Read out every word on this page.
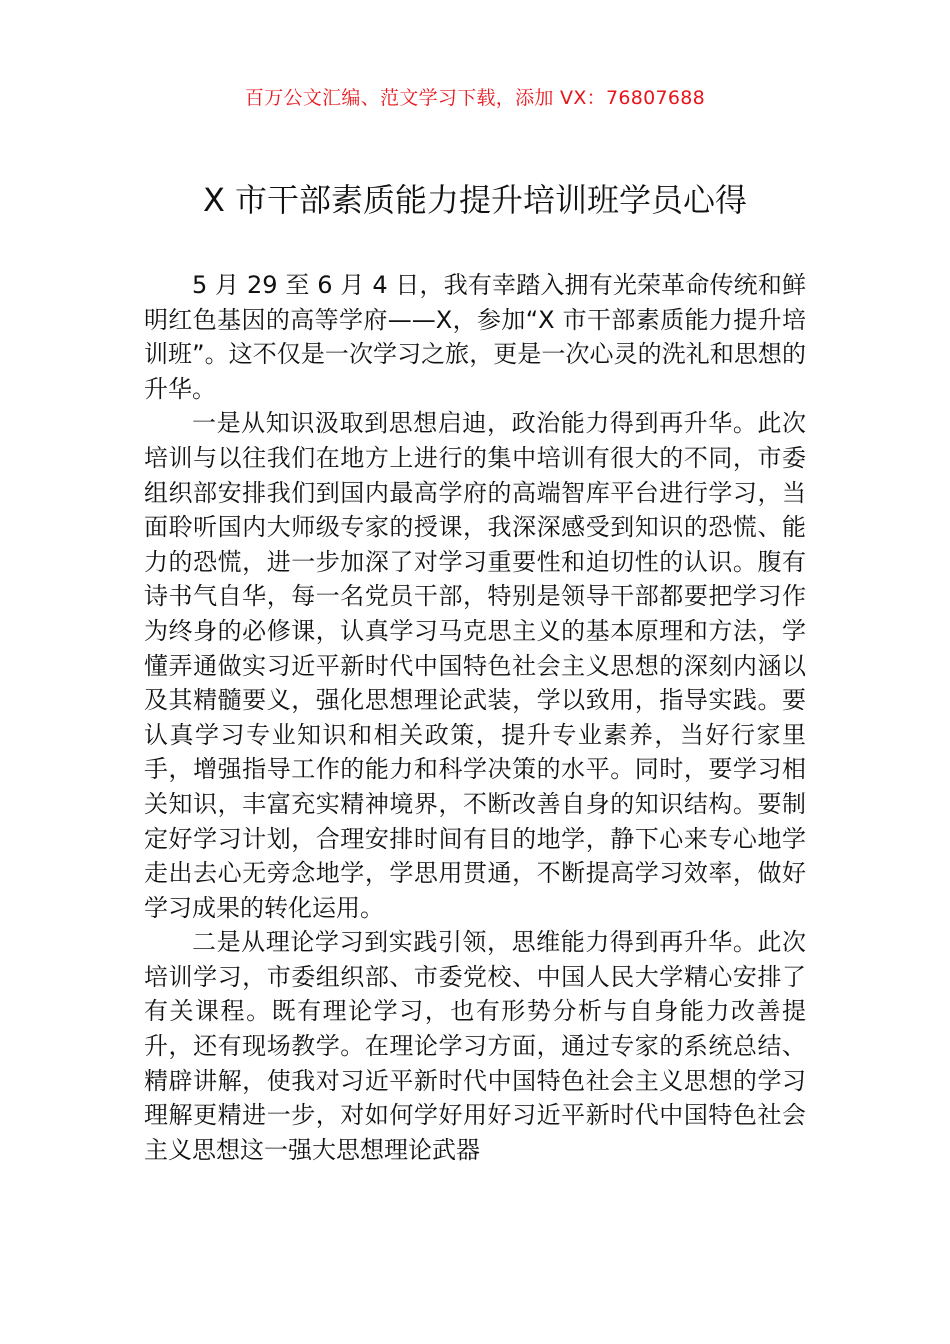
百万公文汇编、范文学习下载，添加 VX：76807688
X 市干部素质能力提升培训班学员心得

5 月 29 至 6 月 4 日，我有幸踏入拥有光荣革命传统和鲜明红色基因的高等学府——X，参加“X 市干部素质能力提升培训班”。这不仅是一次学习之旅，更是一次心灵的洗礼和思想的升华。

一是从知识汲取到思想启迪，政治能力得到再升华。此次培训与以往我们在地方上进行的集中培训有很大的不同，市委组织部安排我们到国内最高学府的高端智库平台进行学习，当面聆听国内大师级专家的授课，我深深感受到知识的恐慌、能力的恐慌，进一步加深了对学习重要性和迫切性的认识。腹有诗书气自华，每一名党员干部，特别是领导干部都要把学习作为终身的必修课，认真学习马克思主义的基本原理和方法，学懂弄通做实习近平新时代中国特色社会主义思想的深刻内涵以及其精髓要义，强化思想理论武装，学以致用，指导实践。要认真学习专业知识和相关政策，提升专业素养，当好行家里手，增强指导工作的能力和科学决策的水平。同时，要学习相关知识，丰富充实精神境界，不断改善自身的知识结构。要制定好学习计划，合理安排时间有目的地学，静下心来专心地学走出去心无旁念地学，学思用贯通，不断提高学习效率，做好学习成果的转化运用。

二是从理论学习到实践引领，思维能力得到再升华。此次培训学习，市委组织部、市委党校、中国人民大学精心安排了有关课程。既有理论学习，也有形势分析与自身能力改善提升，还有现场教学。在理论学习方面，通过专家的系统总结、精辟讲解，使我对习近平新时代中国特色社会主义思想的学习理解更精进一步，对如何学好用好习近平新时代中国特色社会主义思想这一强大思想理论武器
